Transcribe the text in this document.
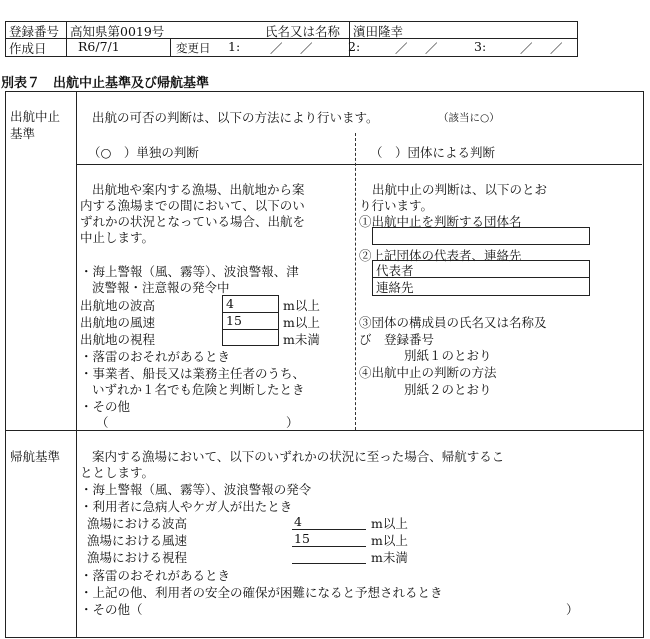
登録番号 高知県第0019号	氏名又は名称 濱田隆幸
作成日	R6/7/1	変更日 1: ／ ／	2:	／ ／	3:	／ ／
別表７　出航中止基準及び帰航基準
出航中止基準
出航の可否の判断は、以下の方法により行います。	（該当に○）
（○　）単独の判断	（　）団体による判断
出航地や案内する漁場、出航地から案
内する漁場までの間において、以下のい
ずれかの状況となっている場合、出航を
中止します。
・海上警報（風、霧等）、波浪警報、津
波警報・注意報の発令中
出航地の波高	4	m以上
出航地の風速	15	m以上
出航地の視程	m未満
・落雷のおそれがあるとき
・事業者、船長又は業務主任者のうち、
いずれか１名でも危険と判断したとき
・その他
（	）
出航中止の判断は、以下のとお
り行います。
①出航中止を判断する団体名
②上記団体の代表者、連絡先
代表者
連絡先
③団体の構成員の氏名又は名称及
び　登録番号
別紙１のとおり
④出航中止の判断の方法
別紙２のとおり
帰航基準	案内する漁場において、以下のいずれかの状況に至った場合、帰航するこ
ととします。
・海上警報（風、霧等）、波浪警報の発令
・利用者に急病人やケガ人が出たとき
漁場における波高	4	m以上
漁場における風速	15	m以上
漁場における視程	m未満
・落雷のおそれがあるとき
・上記の他、利用者の安全の確保が困難になると予想されるとき
・その他（	）
